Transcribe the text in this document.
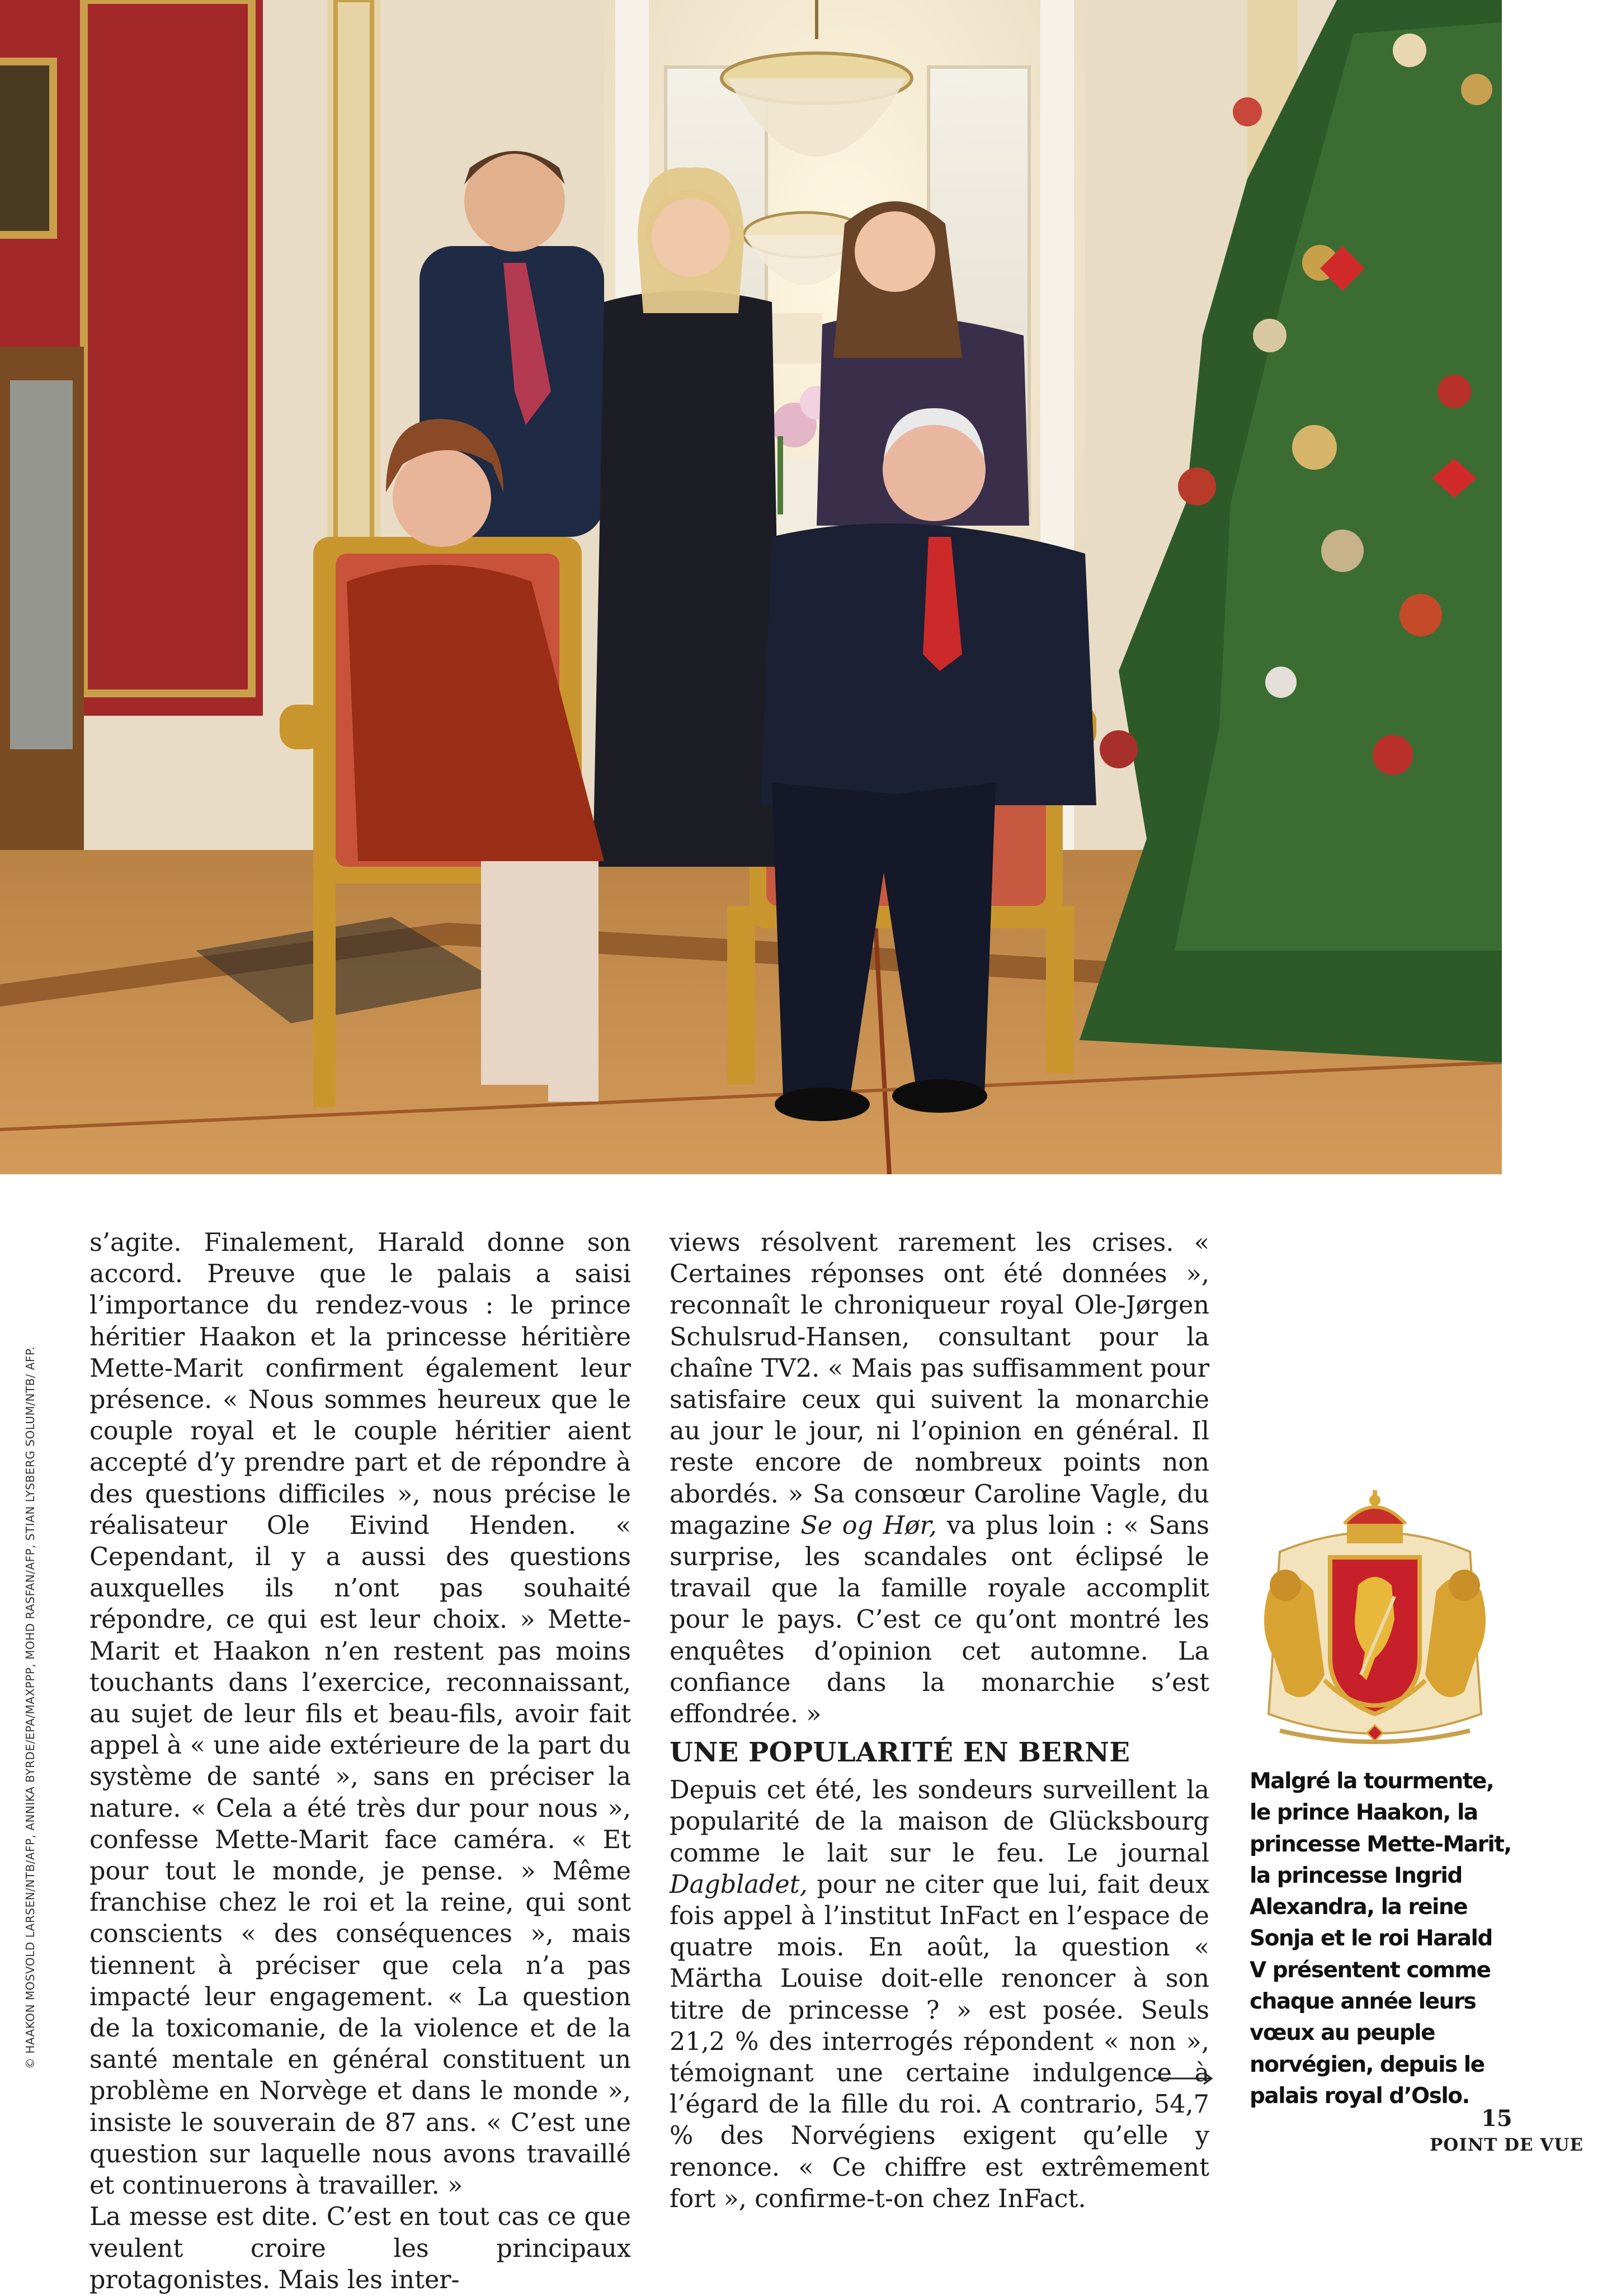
© HAAKON MOSVOLD LARSEN/NTB/AFP, ANNIKA BYRDE/EPA/MAXPPP, MOHD RASFAN/AFP, STIAN LYSBERG SOLUM/NTB/ AFP.

s’agite. Finalement, Harald donne son accord. Preuve que le palais a saisi l’importance du rendez-vous : le prince héritier Haakon et la princesse héritière Mette-Marit confirment également leur présence. « Nous sommes heureux que le couple royal et le couple héritier aient accepté d’y prendre part et de répondre à des questions difficiles », nous précise le réalisateur Ole Eivind Henden. « Cependant, il y a aussi des questions auxquelles ils n’ont pas souhaité répondre, ce qui est leur choix. » Mette-Marit et Haakon n’en restent pas moins touchants dans l’exercice, reconnaissant, au sujet de leur fils et beau-fils, avoir fait appel à « une aide extérieure de la part du système de santé », sans en préciser la nature. « Cela a été très dur pour nous », confesse Mette-Marit face caméra. « Et pour tout le monde, je pense. » Même franchise chez le roi et la reine, qui sont conscients « des conséquences », mais tiennent à préciser que cela n’a pas impacté leur engagement. « La question de la toxicomanie, de la violence et de la santé mentale en général constituent un problème en Norvège et dans le monde », insiste le souverain de 87 ans. « C’est une question sur laquelle nous avons travaillé et continuerons à travailler. »

La messe est dite. C’est en tout cas ce que veulent croire les principaux protagonistes. Mais les inter-

views résolvent rarement les crises. « Certaines réponses ont été données », reconnaît le chroniqueur royal Ole-Jørgen Schulsrud-Hansen, consultant pour la chaîne TV2. « Mais pas suffisamment pour satisfaire ceux qui suivent la monarchie au jour le jour, ni l’opinion en général. Il reste encore de nombreux points non abordés. » Sa consœur Caroline Vagle, du magazine Se og Hør, va plus loin : « Sans surprise, les scandales ont éclipsé le travail que la famille royale accomplit pour le pays. C’est ce qu’ont montré les enquêtes d’opinion cet automne. La confiance dans la monarchie s’est effondrée. »

UNE POPULARITÉ EN BERNE

Depuis cet été, les sondeurs surveillent la popularité de la maison de Glücksbourg comme le lait sur le feu. Le journal Dagbladet, pour ne citer que lui, fait deux fois appel à l’institut InFact en l’espace de quatre mois. En août, la question « Märtha Louise doit-elle renoncer à son titre de princesse ? » est posée. Seuls 21,2 % des interrogés répondent « non », témoignant une certaine indulgence à l’égard de la fille du roi. A contrario, 54,7 % des Norvégiens exigent qu’elle y renonce. « Ce chiffre est extrêmement fort », confirme-t-on chez InFact.

Malgré la tourmente, le prince Haakon, la princesse Mette-Marit, la princesse Ingrid Alexandra, la reine Sonja et le roi Harald V présentent comme chaque année leurs vœux au peuple norvégien, depuis le palais royal d’Oslo.
15
POINT DE VUE
